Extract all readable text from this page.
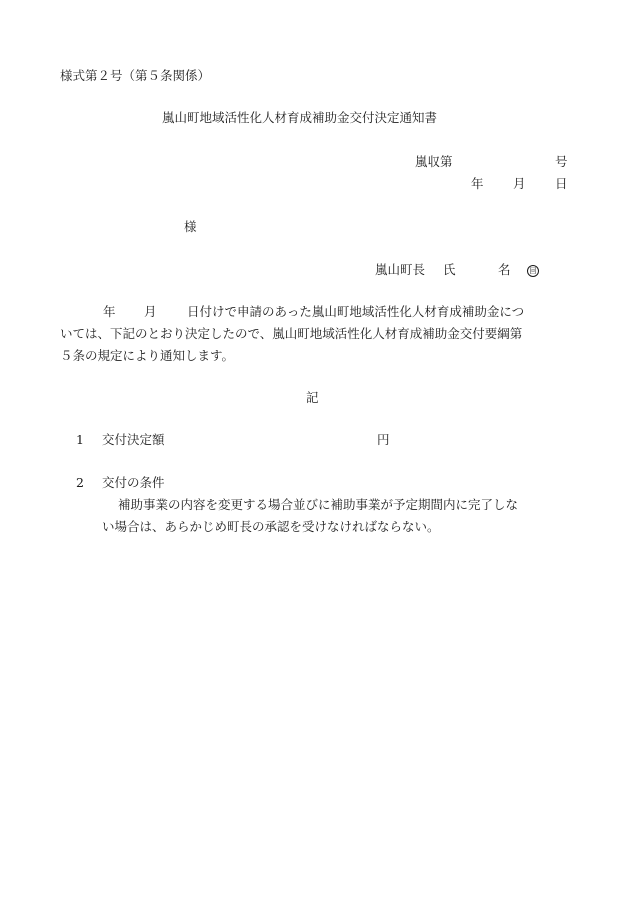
様式第２号（第５条関係）
嵐山町地域活性化人材育成補助金交付決定通知書
嵐収第	号
年 月 日
様
嵐山町長 氏	名	回
年 月 日付けで申請のあった嵐山町地域活性化人材育成補助金につ
いては、下記のとおり決定したので、嵐山町地域活性化人材育成補助金交付要綱第
５条の規定により通知します。
記
1 交付決定額	円
2 交付の条件
補助事業の内容を変更する場合並びに補助事業が予定期間内に完了しな
い場合は、あらかじめ町長の承認を受けなければならない。
